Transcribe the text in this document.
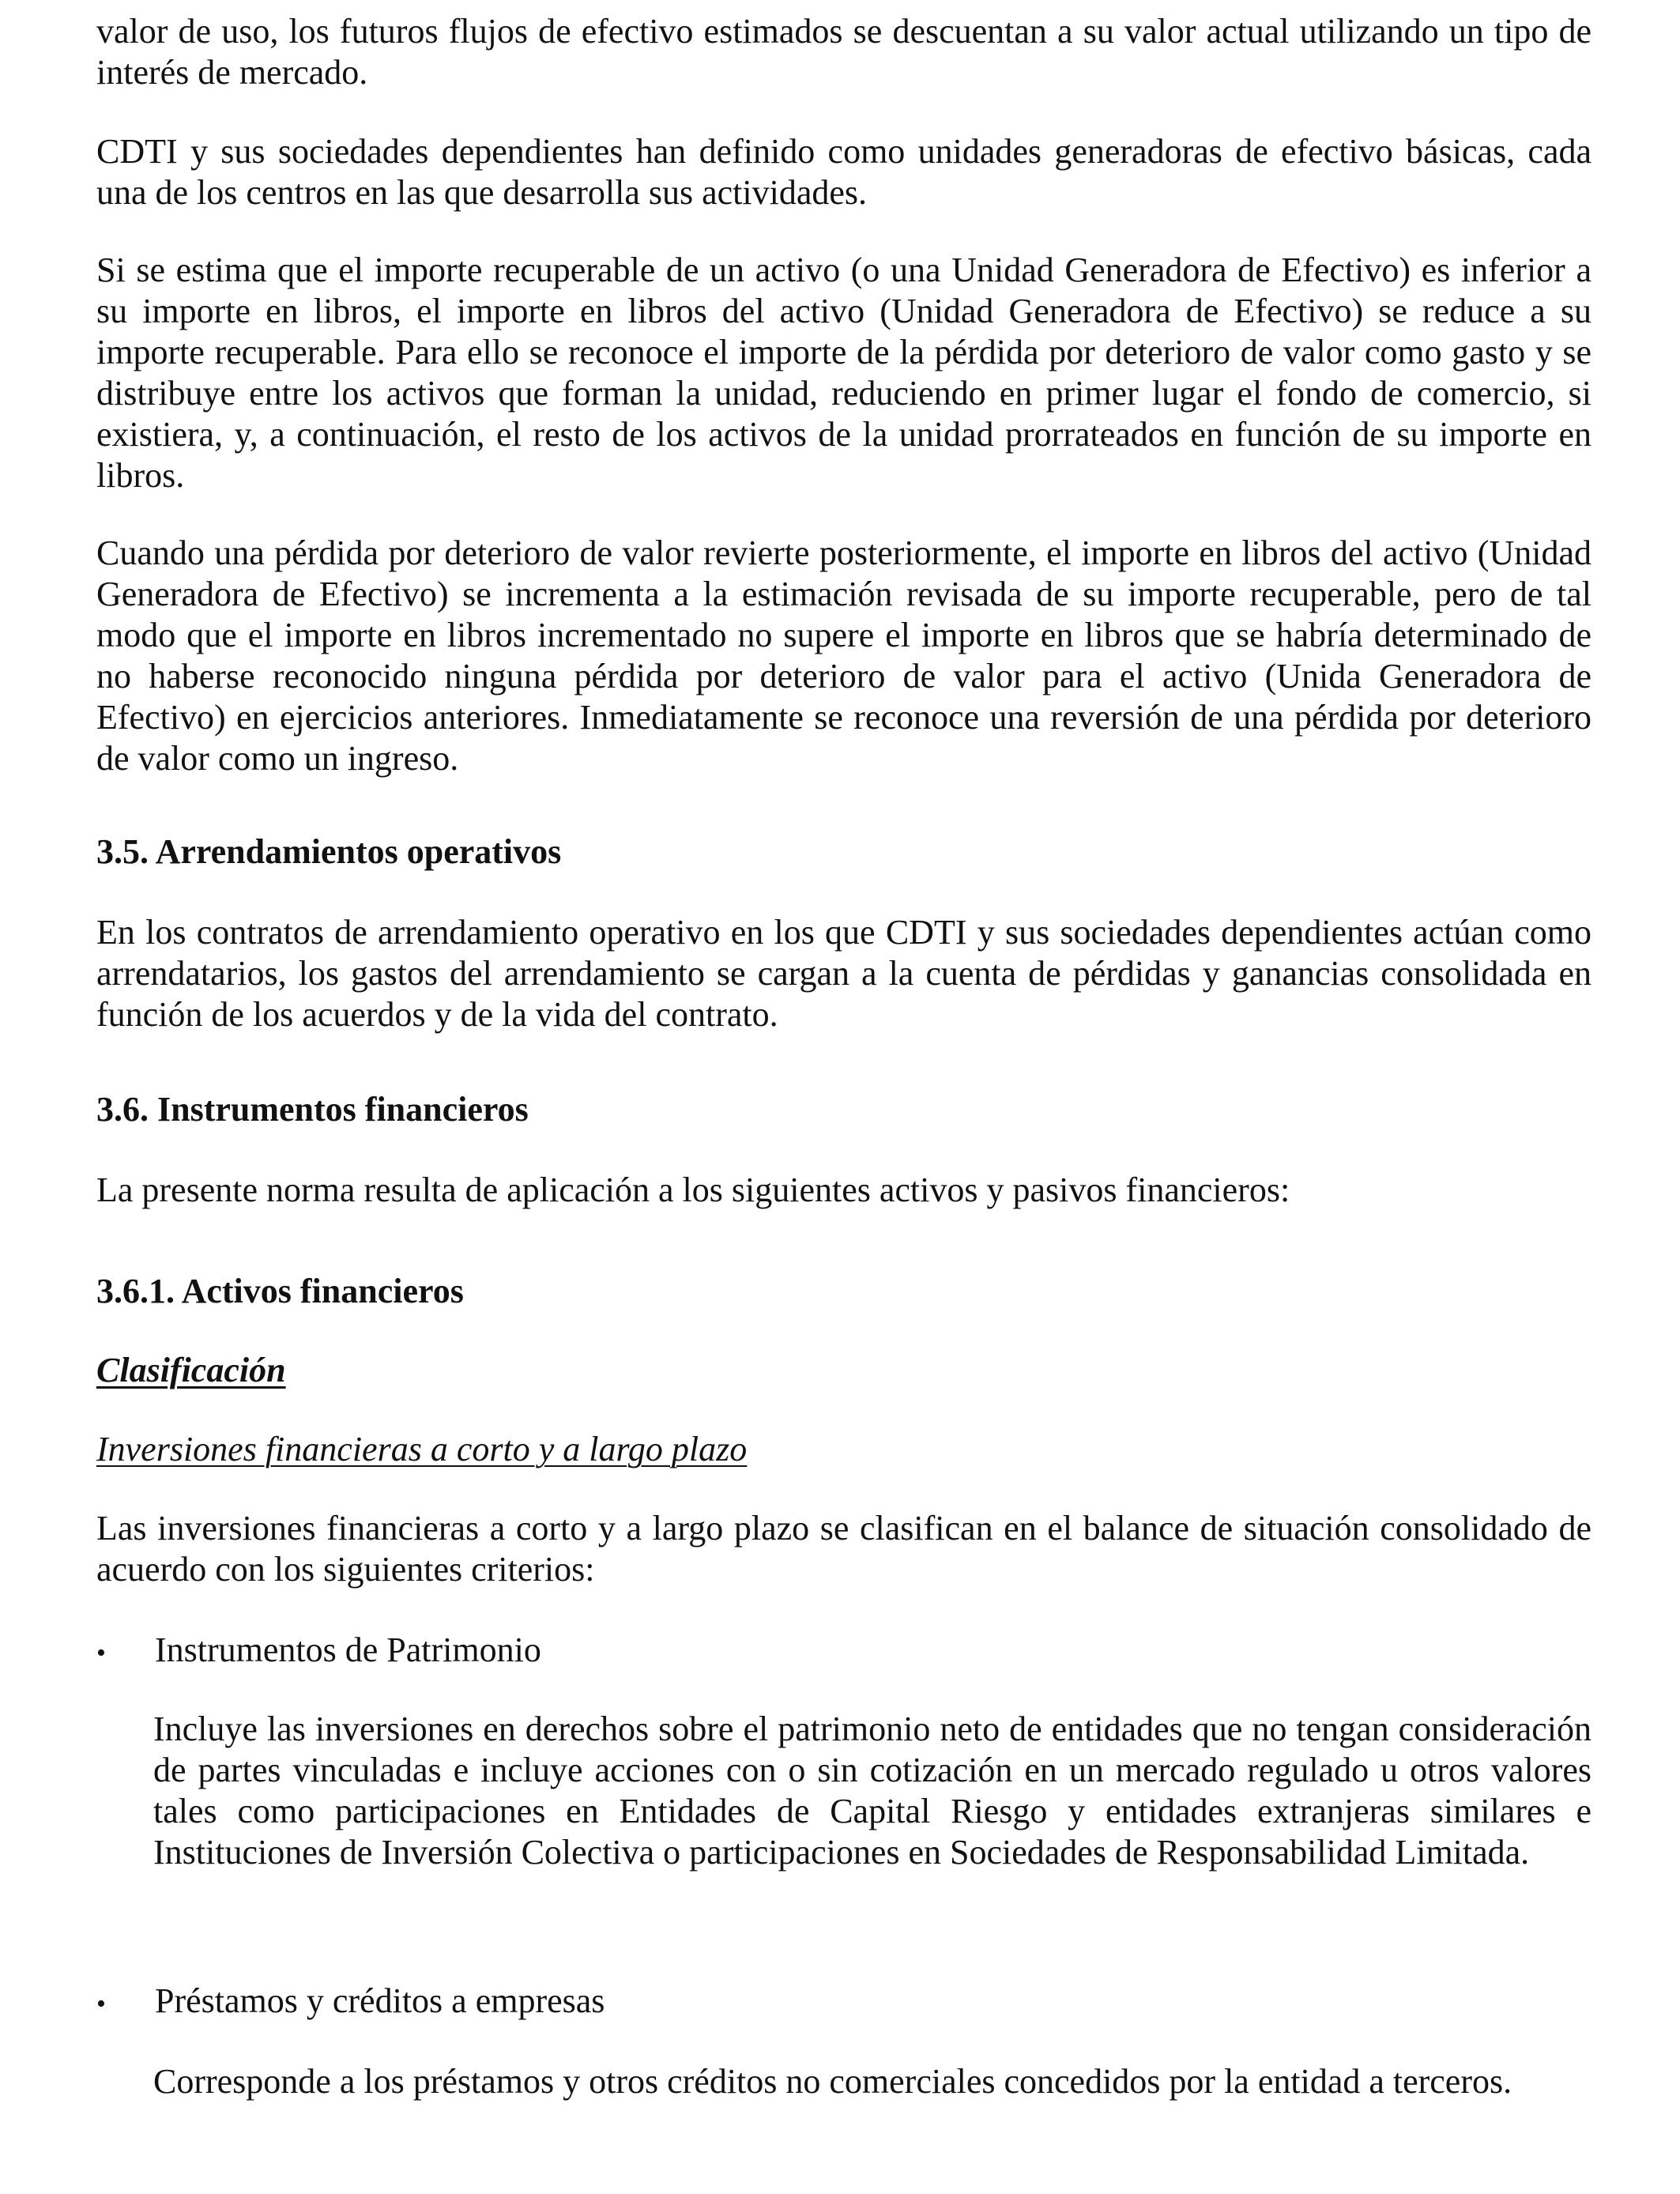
valor de uso, los futuros flujos de efectivo estimados se descuentan a su valor actual utilizando un tipo de interés de mercado.

CDTI y sus sociedades dependientes han definido como unidades generadoras de efectivo básicas, cada una de los centros en las que desarrolla sus actividades.

Si se estima que el importe recuperable de un activo (o una Unidad Generadora de Efectivo) es inferior a su importe en libros, el importe en libros del activo (Unidad Generadora de Efectivo) se reduce a su importe recuperable. Para ello se reconoce el importe de la pérdida por deterioro de valor como gasto y se distribuye entre los activos que forman la unidad, reduciendo en primer lugar el fondo de comercio, si existiera, y, a continuación, el resto de los activos de la unidad prorrateados en función de su importe en libros.

Cuando una pérdida por deterioro de valor revierte posteriormente, el importe en libros del activo (Unidad Generadora de Efectivo) se incrementa a la estimación revisada de su importe recuperable, pero de tal modo que el importe en libros incrementado no supere el importe en libros que se habría determinado de no haberse reconocido ninguna pérdida por deterioro de valor para el activo (Unida Generadora de Efectivo) en ejercicios anteriores. Inmediatamente se reconoce una reversión de una pérdida por deterioro de valor como un ingreso.

3.5. Arrendamientos operativos

En los contratos de arrendamiento operativo en los que CDTI y sus sociedades dependientes actúan como arrendatarios, los gastos del arrendamiento se cargan a la cuenta de pérdidas y ganancias consolidada en función de los acuerdos y de la vida del contrato.

3.6. Instrumentos financieros

La presente norma resulta de aplicación a los siguientes activos y pasivos financieros:

3.6.1. Activos financieros

Clasificación

Inversiones financieras a corto y a largo plazo

Las inversiones financieras a corto y a largo plazo se clasifican en el balance de situación consolidado de acuerdo con los siguientes criterios:

•	Instrumentos de Patrimonio

Incluye las inversiones en derechos sobre el patrimonio neto de entidades que no tengan consideración de partes vinculadas e incluye acciones con o sin cotización en un mercado regulado u otros valores tales como participaciones en Entidades de Capital Riesgo y entidades extranjeras similares e Instituciones de Inversión Colectiva o participaciones en Sociedades de Responsabilidad Limitada.

•	Préstamos y créditos a empresas

Corresponde a los préstamos y otros créditos no comerciales concedidos por la entidad a terceros.
